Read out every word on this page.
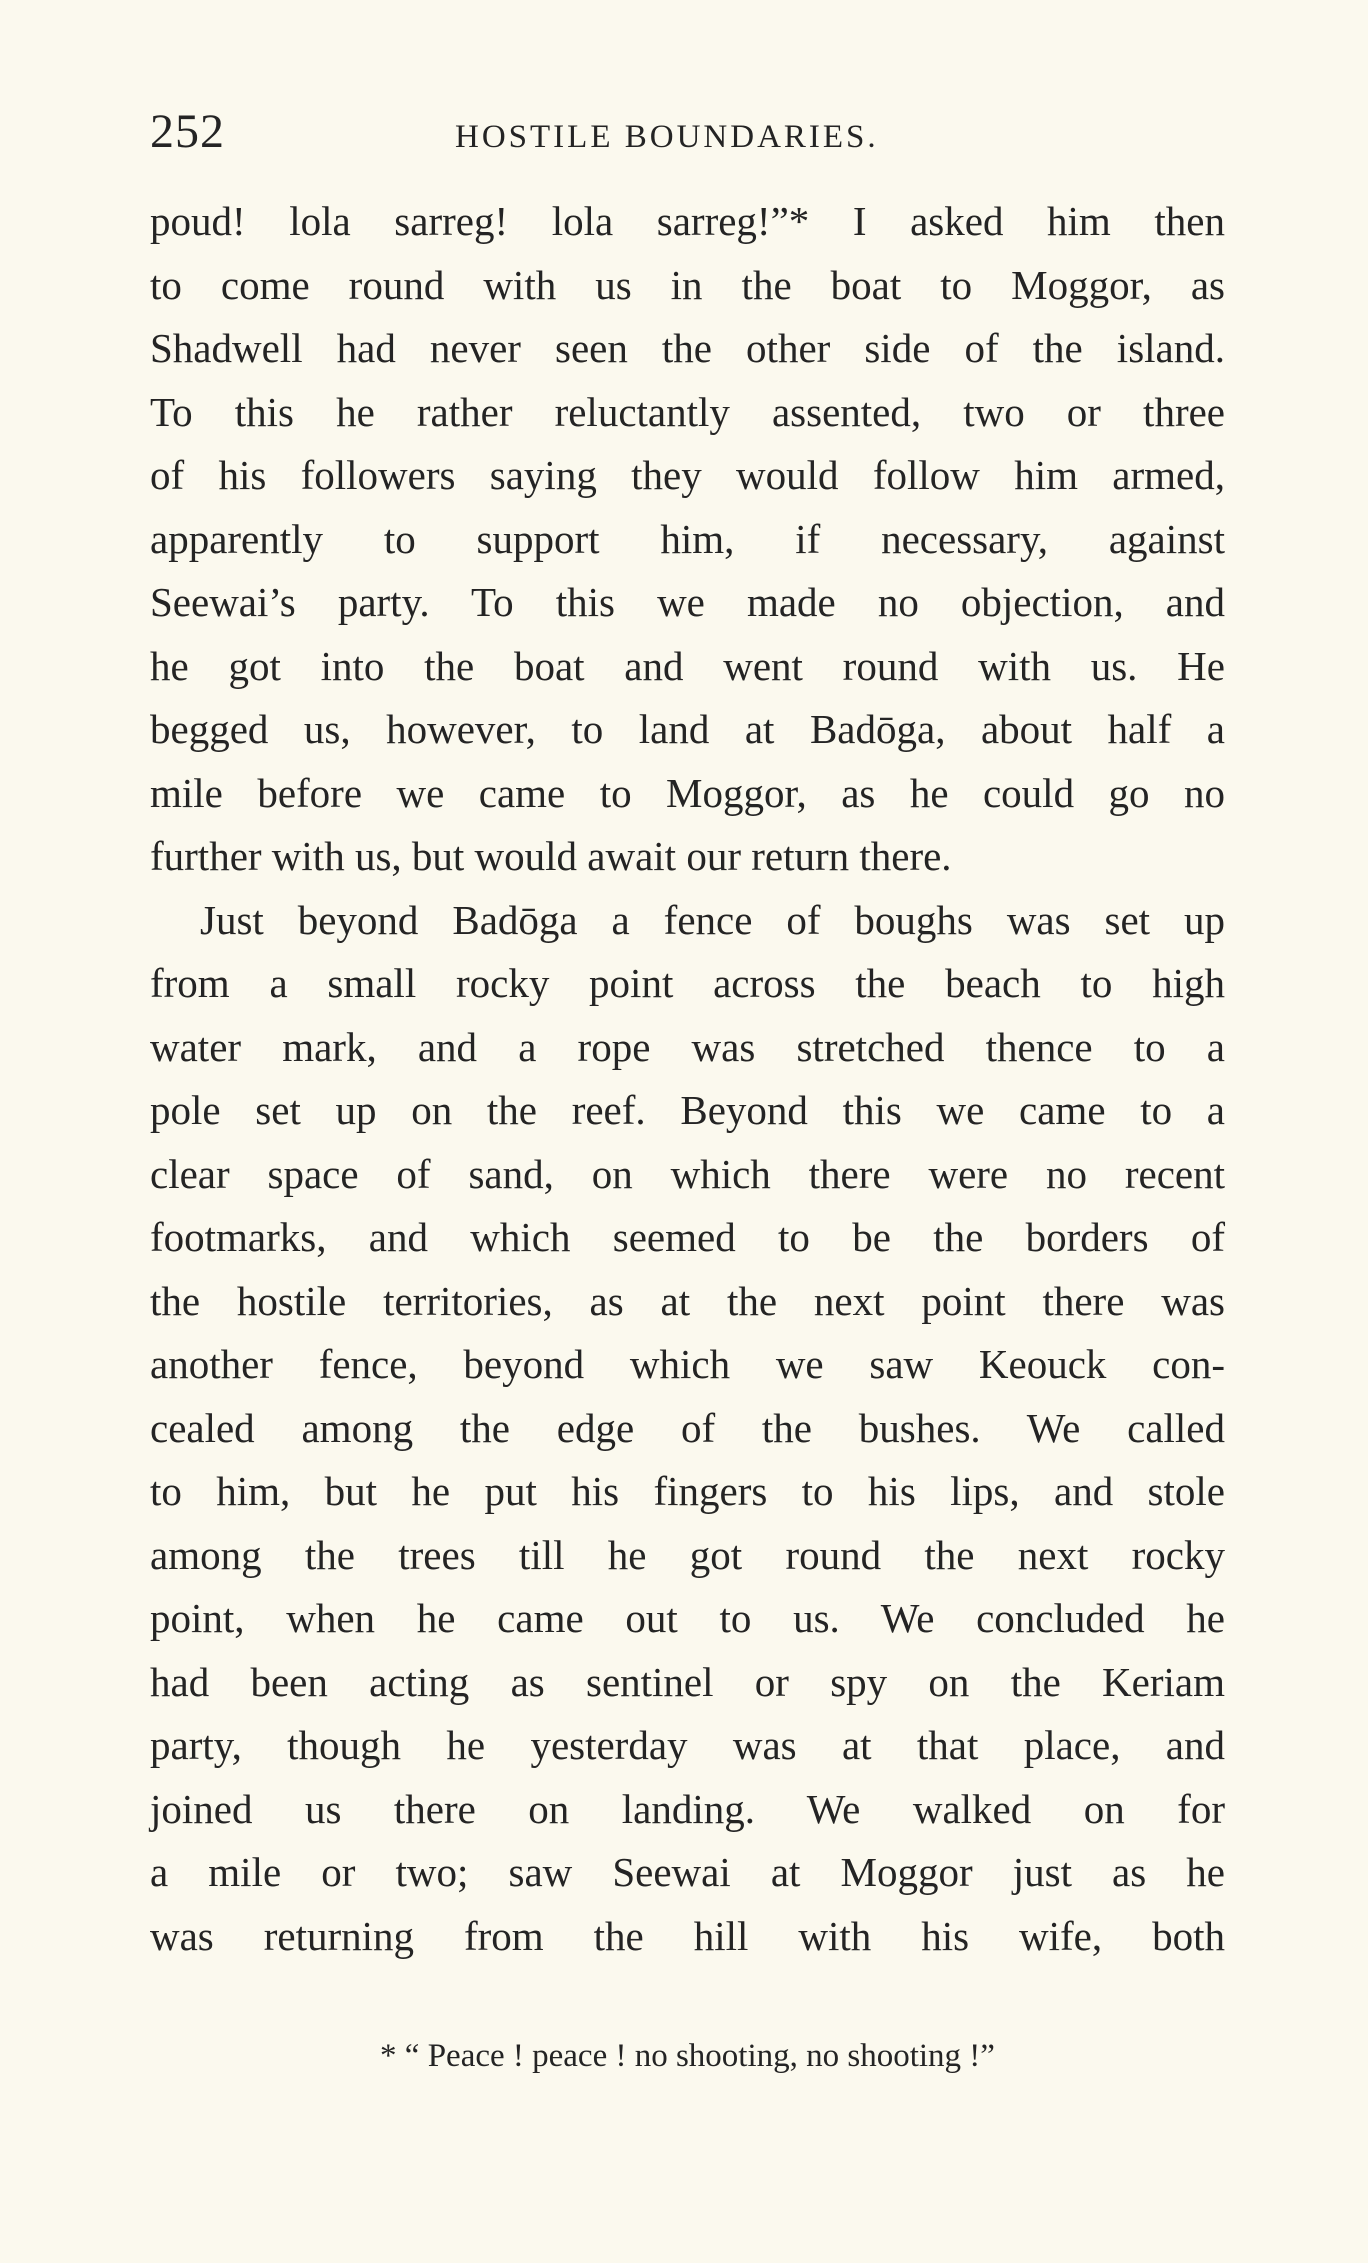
252	HOSTILE BOUNDARIES.
poud! lola sarreg! lola sarreg!”* I asked him then
to come round with us in the boat to Moggor, as
Shadwell had never seen the other side of the island.
To this he rather reluctantly assented, two or three
of his followers saying they would follow him armed,
apparently to support him, if necessary, against
Seewai’s party. To this we made no objection, and
he got into the boat and went round with us. He
begged us, however, to land at Badōga, about half a
mile before we came to Moggor, as he could go no
further with us, but would await our return there.
Just beyond Badōga a fence of boughs was set up
from a small rocky point across the beach to high
water mark, and a rope was stretched thence to a
pole set up on the reef. Beyond this we came to a
clear space of sand, on which there were no recent
footmarks, and which seemed to be the borders of
the hostile territories, as at the next point there was
another fence, beyond which we saw Keouck con-
cealed among the edge of the bushes. We called
to him, but he put his fingers to his lips, and stole
among the trees till he got round the next rocky
point, when he came out to us. We concluded he
had been acting as sentinel or spy on the Keriam
party, though he yesterday was at that place, and
joined us there on landing. We walked on for
a mile or two; saw Seewai at Moggor just as he
was returning from the hill with his wife, both
* “ Peace ! peace ! no shooting, no shooting !”
